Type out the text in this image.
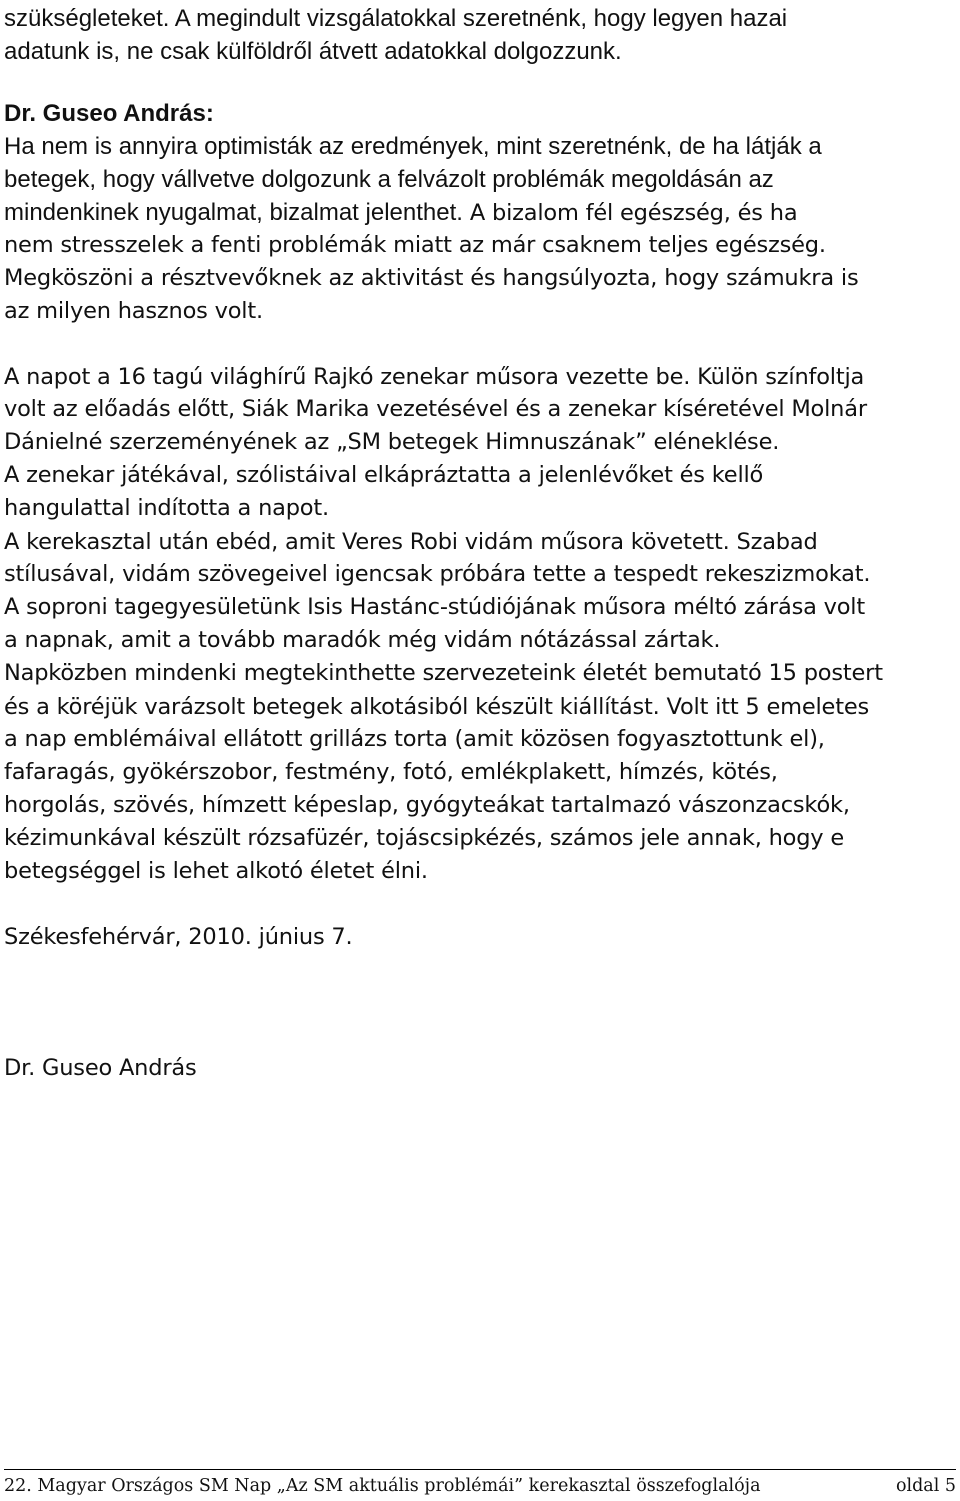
szükségleteket. A megindult vizsgálatokkal szeretnénk, hogy legyen hazai
adatunk is, ne csak külföldről átvett adatokkal dolgozzunk.
Dr. Guseo András:
Ha nem is annyira optimisták az eredmények, mint szeretnénk, de ha látják a
betegek, hogy vállvetve dolgozunk a felvázolt problémák megoldásán az
mindenkinek nyugalmat, bizalmat jelenthet. A bizalom fél egészség, és ha
nem stresszelek a fenti problémák miatt az már csaknem teljes egészség.
Megköszöni a résztvevőknek az aktivitást és hangsúlyozta, hogy számukra is
az milyen hasznos volt.
A napot a 16 tagú világhírű Rajkó zenekar műsora vezette be. Külön színfoltja
volt az előadás előtt, Siák Marika vezetésével és a zenekar kíséretével Molnár
Dánielné szerzeményének az „SM betegek Himnuszának” eléneklése.
A zenekar játékával, szólistáival elkápráztatta a jelenlévőket és kellő
hangulattal indította a napot.
A kerekasztal után ebéd, amit Veres Robi vidám műsora követett. Szabad
stílusával, vidám szövegeivel igencsak próbára tette a tespedt rekeszizmokat.
A soproni tagegyesületünk Isis Hastánc-stúdiójának műsora méltó zárása volt
a napnak, amit a tovább maradók még vidám nótázással zártak.
Napközben mindenki megtekinthette szervezeteink életét bemutató 15 postert
és a köréjük varázsolt betegek alkotásiból készült kiállítást. Volt itt 5 emeletes
a nap emblémáival ellátott grillázs torta (amit közösen fogyasztottunk el),
fafaragás, gyökérszobor, festmény, fotó, emlékplakett, hímzés, kötés,
horgolás, szövés, hímzett képeslap, gyógyteákat tartalmazó vászonzacskók,
kézimunkával készült rózsafüzér, tojáscsipkézés, számos jele annak, hogy e
betegséggel is lehet alkotó életet élni.
Székesfehérvár, 2010. június 7.
Dr. Guseo András
22. Magyar Országos SM Nap „Az SM aktuális problémái” kerekasztal összefoglalója	oldal 5
